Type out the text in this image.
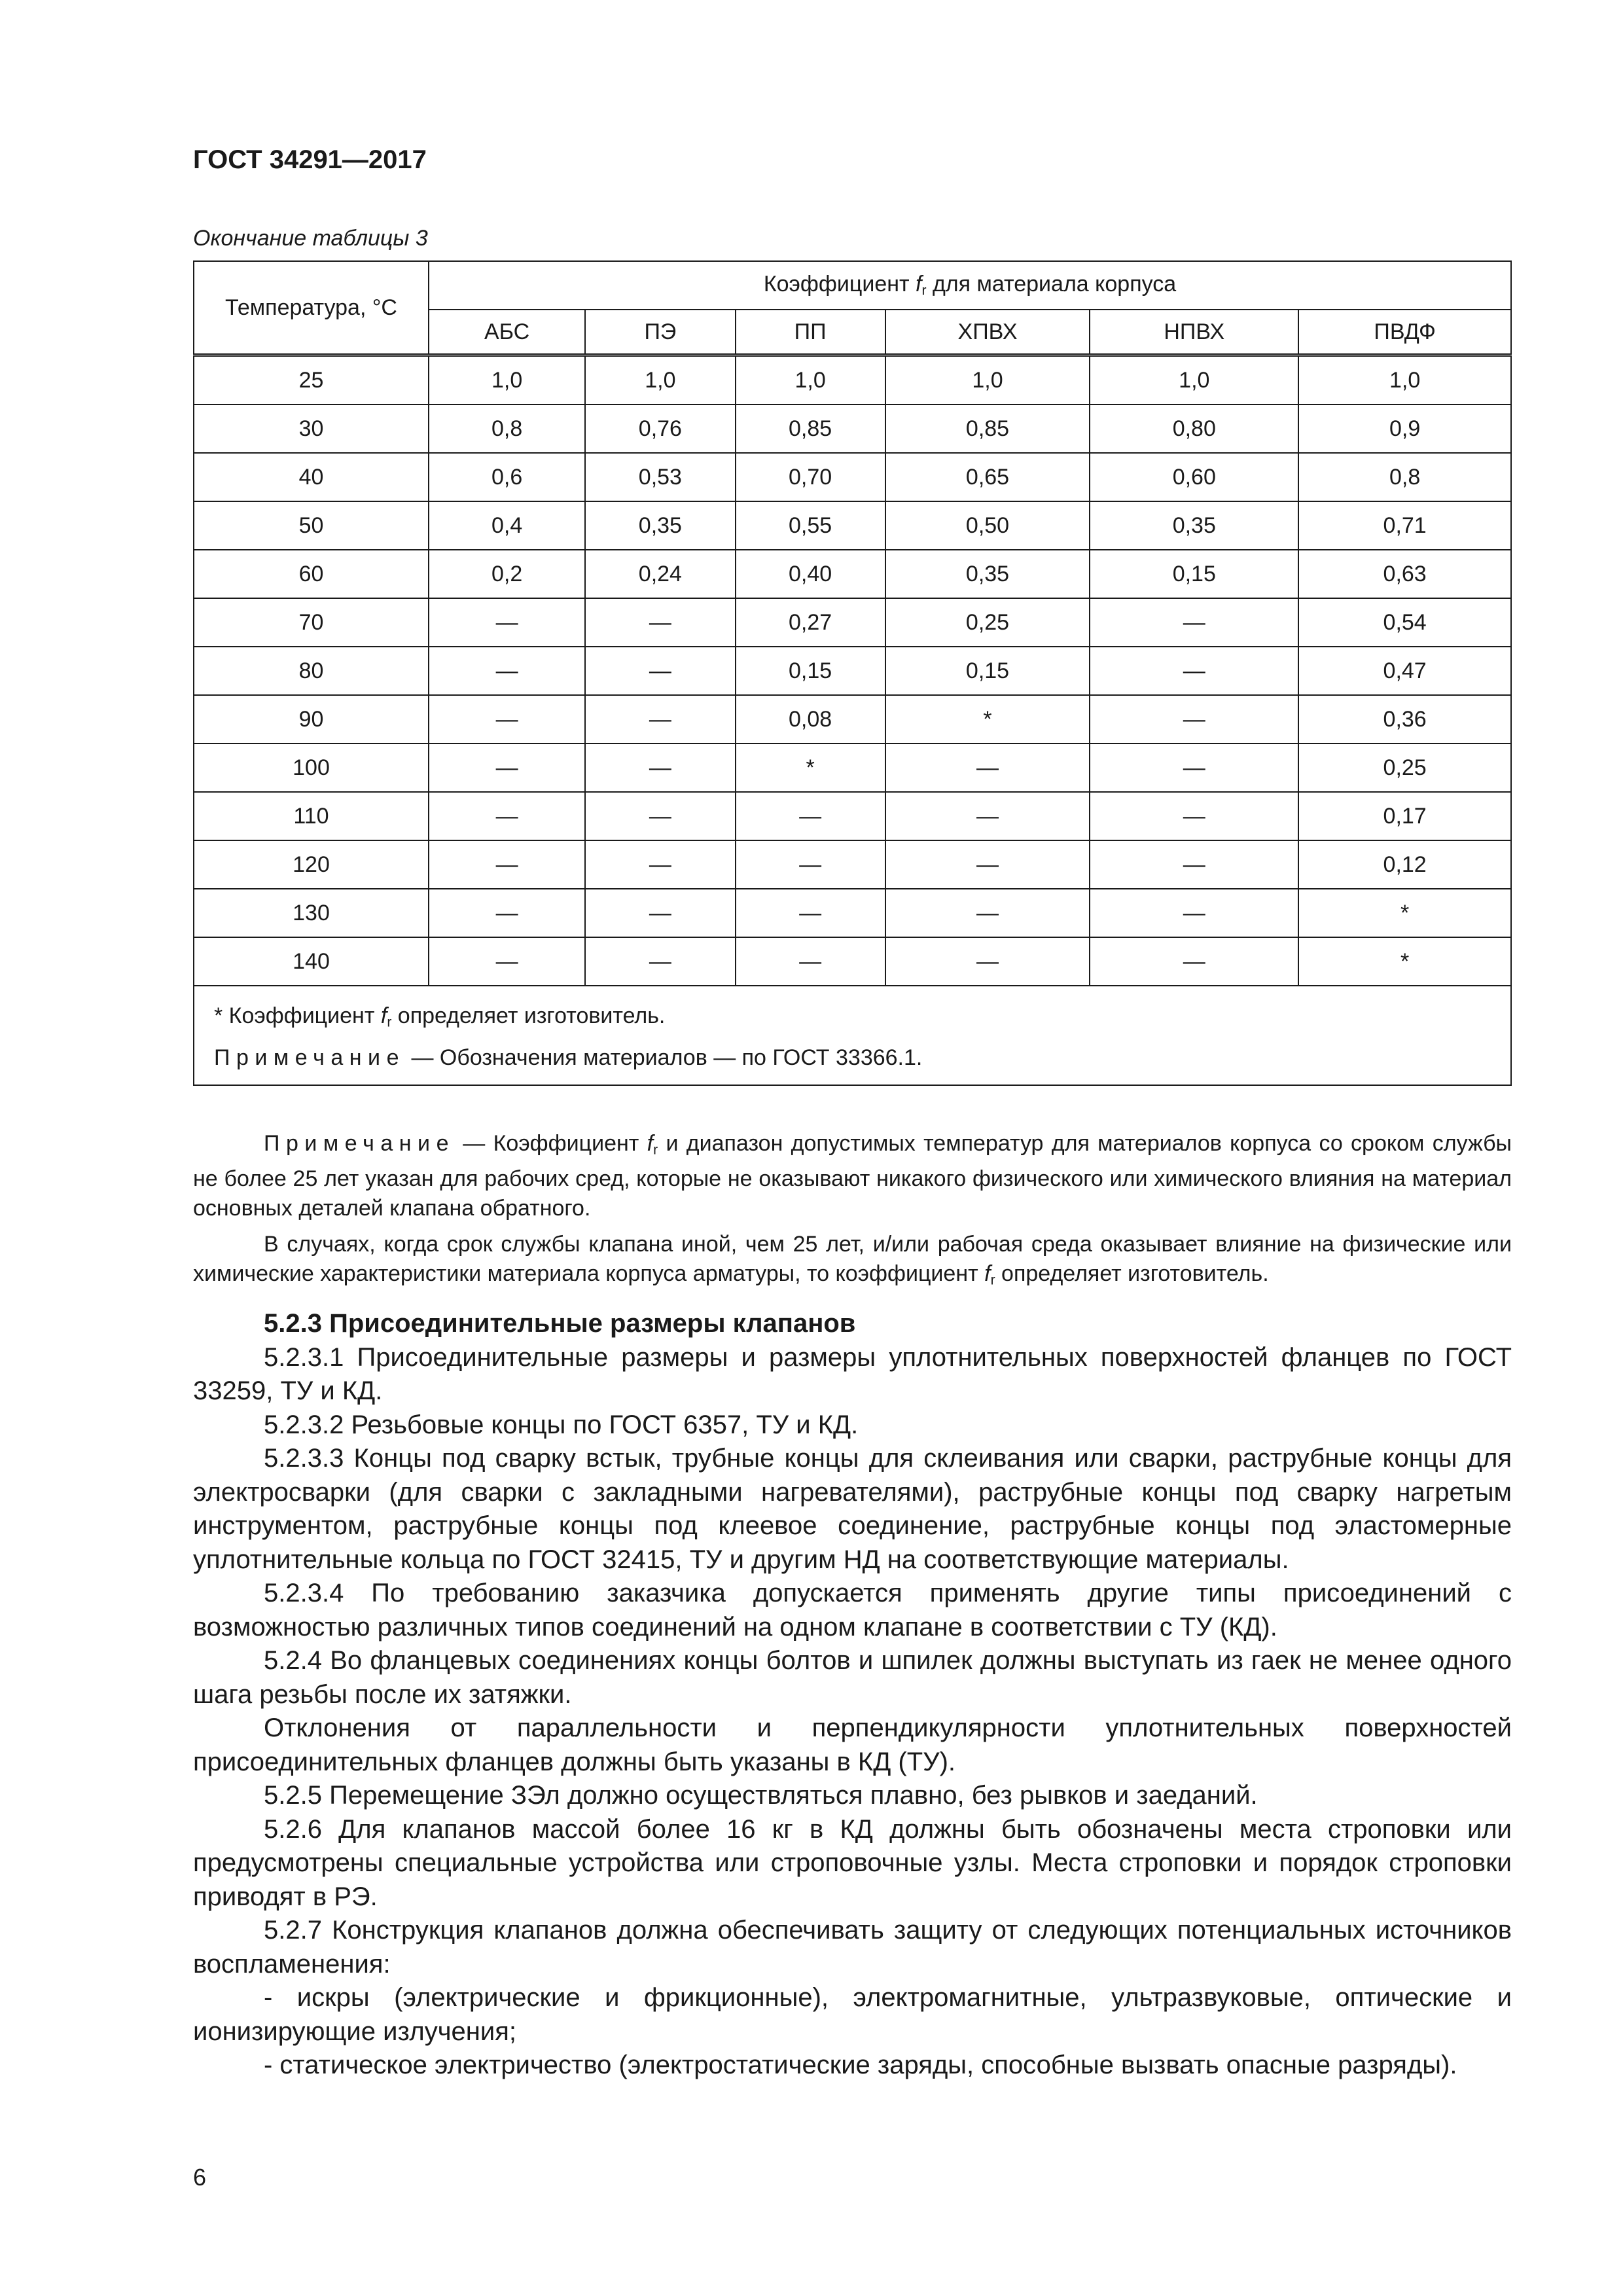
ГОСТ 34291—2017
Окончание таблицы 3
Температура, °С	Коэффициент $f_r$ для материала корпуса					
	АБС	ПЭ	ПП	ХПВХ	НПВХ	ПВДФ
25	1,0	1,0	1,0	1,0	1,0	1,0
30	0,8	0,76	0,85	0,85	0,80	0,9
40	0,6	0,53	0,70	0,65	0,60	0,8
50	0,4	0,35	0,55	0,50	0,35	0,71
60	0,2	0,24	0,40	0,35	0,15	0,63
70	—	—	0,27	0,25	—	0,54
80	—	—	0,15	0,15	—	0,47
90	—	—	0,08	*	—	0,36
100	—	—	*	—	—	0,25
110	—	—	—	—	—	0,17
120	—	—	—	—	—	0,12
130	—	—	—	—	—	*
140	—	—	—	—	—	*

* Коэффициент $f_r$ определяет изготовитель.
Примечание — Обозначения материалов — по ГОСТ 33366.1.						

Примечание — Коэффициент $f_r$ и диапазон допустимых температур для материалов корпуса со сроком службы не более 25 лет указан для рабочих сред, которые не оказывают никакого физического или химического влияния на материал основных деталей клапана обратного.

В случаях, когда срок службы клапана иной, чем 25 лет, и/или рабочая среда оказывает влияние на физические или химические характеристики материала корпуса арматуры, то коэффициент $f_r$ определяет изготовитель.

5.2.3 Присоединительные размеры клапанов

5.2.3.1 Присоединительные размеры и размеры уплотнительных поверхностей фланцев по ГОСТ 33259, ТУ и КД.

5.2.3.2 Резьбовые концы по ГОСТ 6357, ТУ и КД.

5.2.3.3 Концы под сварку встык, трубные концы для склеивания или сварки, раструбные концы для электросварки (для сварки с закладными нагревателями), раструбные концы под сварку нагретым инструментом, раструбные концы под клеевое соединение, раструбные концы под эластомерные уплотнительные кольца по ГОСТ 32415, ТУ и другим НД на соответствующие материалы.

5.2.3.4 По требованию заказчика допускается применять другие типы присоединений с возможностью различных типов соединений на одном клапане в соответствии с ТУ (КД).

5.2.4 Во фланцевых соединениях концы болтов и шпилек должны выступать из гаек не менее одного шага резьбы после их затяжки.

Отклонения от параллельности и перпендикулярности уплотнительных поверхностей присоединительных фланцев должны быть указаны в КД (ТУ).

5.2.5 Перемещение ЗЭл должно осуществляться плавно, без рывков и заеданий.

5.2.6 Для клапанов массой более 16 кг в КД должны быть обозначены места строповки или предусмотрены специальные устройства или строповочные узлы. Места строповки и порядок строповки приводят в РЭ.

5.2.7 Конструкция клапанов должна обеспечивать защиту от следующих потенциальных источников воспламенения:

- искры (электрические и фрикционные), электромагнитные, ультразвуковые, оптические и ионизирующие излучения;

- статическое электричество (электростатические заряды, способные вызвать опасные разряды).

6
